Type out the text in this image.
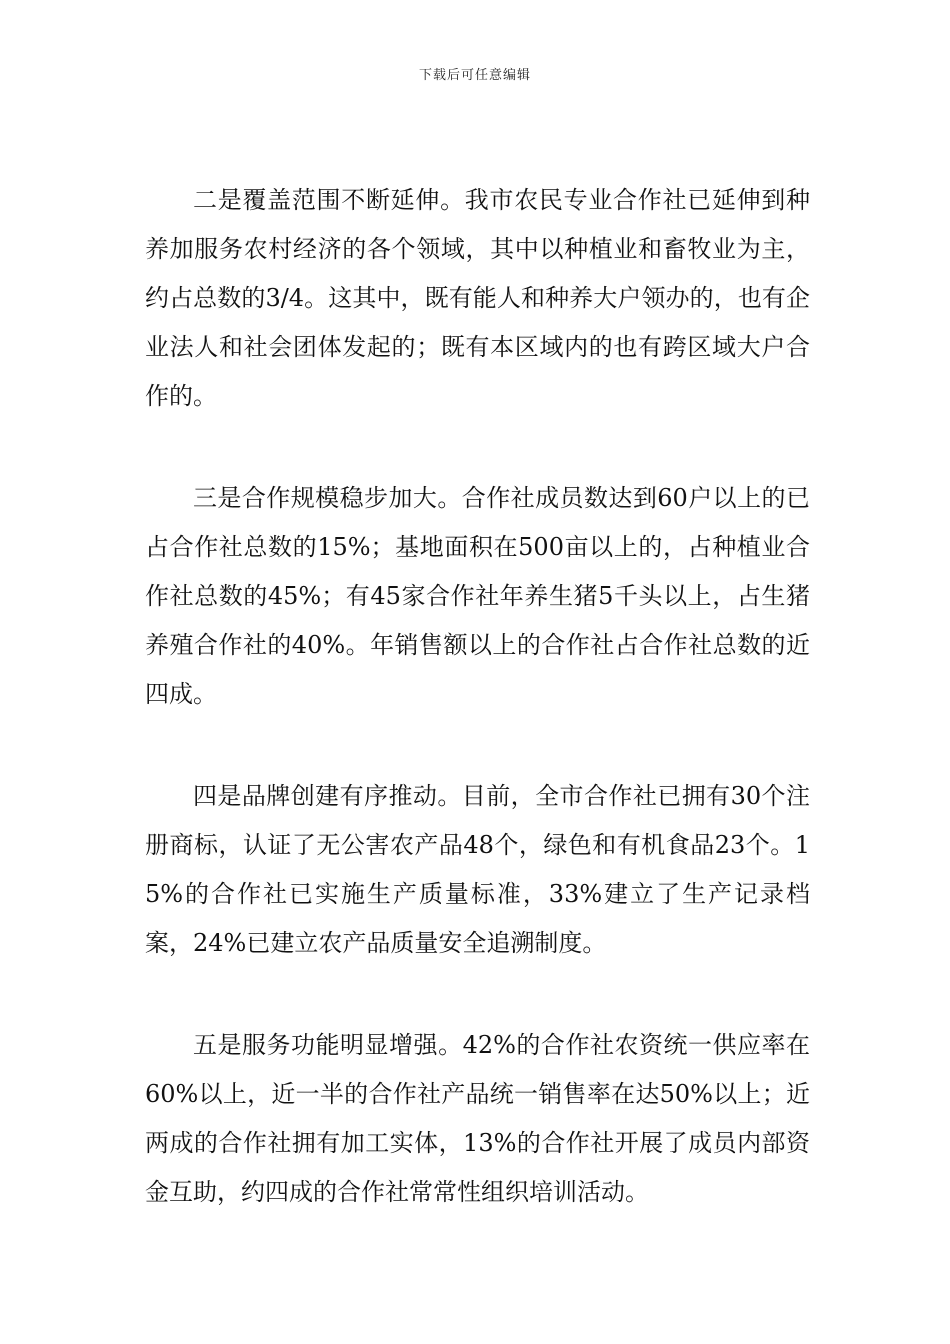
下载后可任意编辑

二是覆盖范围不断延伸。我市农民专业合作社已延伸到种养加服务农村经济的各个领域，其中以种植业和畜牧业为主，约占总数的3/4。这其中，既有能人和种养大户领办的，也有企业法人和社会团体发起的；既有本区域内的也有跨区域大户合作的。

三是合作规模稳步加大。合作社成员数达到60户以上的已占合作社总数的15%；基地面积在500亩以上的，占种植业合作社总数的45%；有45家合作社年养生猪5千头以上，占生猪养殖合作社的40%。年销售额以上的合作社占合作社总数的近四成。

四是品牌创建有序推动。目前，全市合作社已拥有30个注册商标，认证了无公害农产品48个，绿色和有机食品23个。15%的合作社已实施生产质量标准，33%建立了生产记录档案，24%已建立农产品质量安全追溯制度。

五是服务功能明显增强。42%的合作社农资统一供应率在60%以上，近一半的合作社产品统一销售率在达50%以上；近两成的合作社拥有加工实体，13%的合作社开展了成员内部资金互助，约四成的合作社常常性组织培训活动。
